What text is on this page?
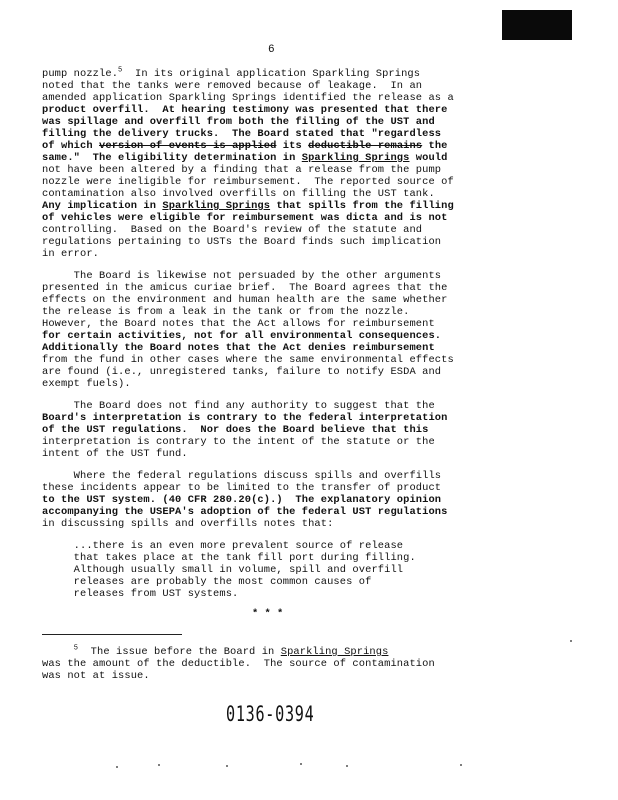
6
pump nozzle.$^5$  In its original application Sparkling Springs
noted that the tanks were removed because of leakage.  In an
amended application Sparkling Springs identified the release as a
product overfill.  At hearing testimony was presented that there
was spillage and overfill from both the filling of the UST and
filling the delivery trucks.  The Board stated that "regardless
of which version of events is applied its deductible remains the
same."  The eligibility determination in Sparkling Springs would
not have been altered by a finding that a release from the pump
nozzle were ineligible for reimbursement.  The reported source of
contamination also involved overfills on filling the UST tank.
Any implication in Sparkling Springs that spills from the filling
of vehicles were eligible for reimbursement was dicta and is not
controlling.  Based on the Board's review of the statute and
regulations pertaining to USTs the Board finds such implication
in error.
The Board is likewise not persuaded by the other arguments
presented in the amicus curiae brief.  The Board agrees that the
effects on the environment and human health are the same whether
the release is from a leak in the tank or from the nozzle.
However, the Board notes that the Act allows for reimbursement
for certain activities, not for all environmental consequences.
Additionally the Board notes that the Act denies reimbursement
from the fund in other cases where the same environmental effects
are found (i.e., unregistered tanks, failure to notify ESDA and
exempt fuels).
The Board does not find any authority to suggest that the
Board's interpretation is contrary to the federal interpretation
of the UST regulations.  Nor does the Board believe that this
interpretation is contrary to the intent of the statute or the
intent of the UST fund.
Where the federal regulations discuss spills and overfills
these incidents appear to be limited to the transfer of product
to the UST system. (40 CFR 280.20(c).)  The explanatory opinion
accompanying the USEPA's adoption of the federal UST regulations
in discussing spills and overfills notes that:
...there is an even more prevalent source of release
that takes place at the tank fill port during filling.
Although usually small in volume, spill and overfill
releases are probably the most common causes of
releases from UST systems.
* * *
$^5$  The issue before the Board in Sparkling Springs
was the amount of the deductible.  The source of contamination
was not at issue.
0136-0394
